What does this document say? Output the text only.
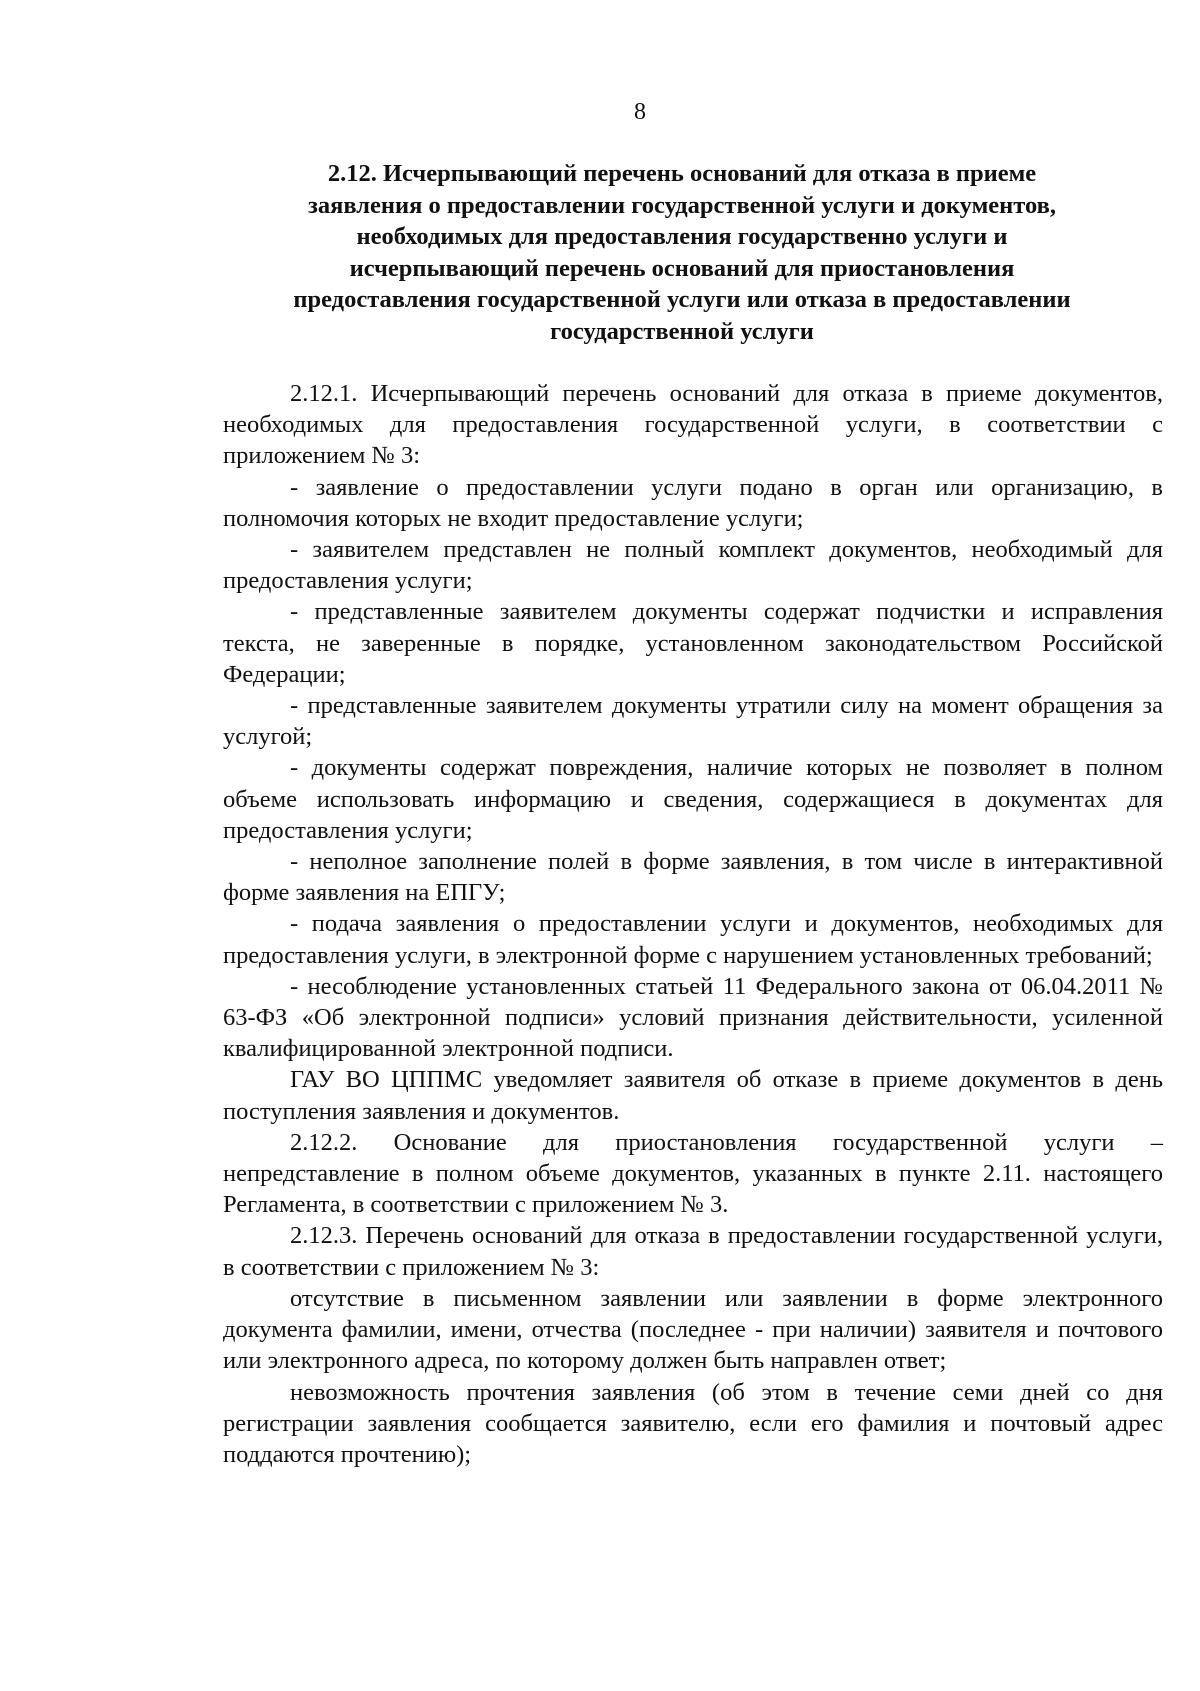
8
2.12. Исчерпывающий перечень оснований для отказа в приеме
заявления о предоставлении государственной услуги и документов,
необходимых для предоставления государственно услуги и
исчерпывающий перечень оснований для приостановления
предоставления государственной услуги или отказа в предоставлении
государственной услуги

2.12.1. Исчерпывающий перечень оснований для отказа в приеме документов, необходимых для предоставления государственной услуги, в соответствии с приложением № 3:

- заявление о предоставлении услуги подано в орган или организацию, в полномочия которых не входит предоставление услуги;

- заявителем представлен не полный комплект документов, необходимый для предоставления услуги;

- представленные заявителем документы содержат подчистки и исправления текста, не заверенные в порядке, установленном законодательством Российской Федерации;

- представленные заявителем документы утратили силу на момент обращения за услугой;

- документы содержат повреждения, наличие которых не позволяет в полном объеме использовать информацию и сведения, содержащиеся в документах для предоставления услуги;

- неполное заполнение полей в форме заявления, в том числе в интерактивной форме заявления на ЕПГУ;

- подача заявления о предоставлении услуги и документов, необходимых для предоставления услуги, в электронной форме с нарушением установленных требований;

- несоблюдение установленных статьей 11 Федерального закона от 06.04.2011 № 63-ФЗ «Об электронной подписи» условий признания действительности, усиленной квалифицированной электронной подписи.

ГАУ ВО ЦППМС уведомляет заявителя об отказе в приеме документов в день поступления заявления и документов.

2.12.2. Основание для приостановления государственной услуги – непредставление в полном объеме документов, указанных в пункте 2.11. настоящего Регламента, в соответствии с приложением № 3.

2.12.3. Перечень оснований для отказа в предоставлении государственной услуги, в соответствии с приложением № 3:

отсутствие в письменном заявлении или заявлении в форме электронного документа фамилии, имени, отчества (последнее - при наличии) заявителя и почтового или электронного адреса, по которому должен быть направлен ответ;

невозможность прочтения заявления (об этом в течение семи дней со дня регистрации заявления сообщается заявителю, если его фамилия и почтовый адрес поддаются прочтению);
